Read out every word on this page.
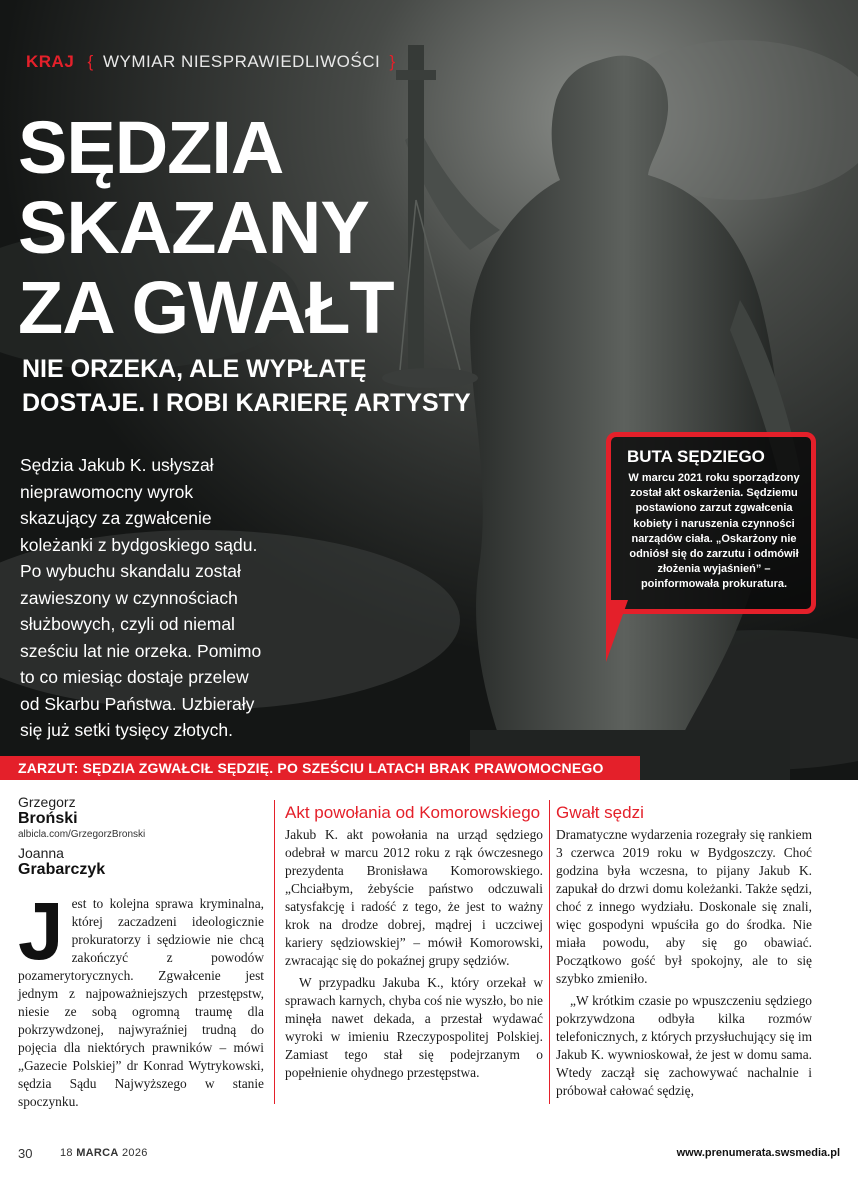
KRAJ { WYMIAR NIESPRAWIEDLIWOŚCI }
SĘDZIA
SKAZANY
ZA GWAŁT
NIE ORZEKA, ALE WYPŁATĘ
DOSTAJE. I ROBI KARIERĘ ARTYSTY

Sędzia Jakub K. usłyszał nieprawomocny wyrok skazujący za zgwałcenie koleżanki z bydgoskiego sądu. Po wybuchu skandalu został zawieszony w czynnościach służbowych, czyli od niemal sześciu lat nie orzeka. Pomimo to co miesiąc dostaje przelew od Skarbu Państwa. Uzbierały się już setki tysięcy złotych.

BUTA SĘDZIEGO
W marcu 2021 roku sporządzony został akt oskarżenia. Sędziemu postawiono zarzut zgwałcenia kobiety i naruszenia czynności narządów ciała. „Oskarżony nie odniósł się do zarzutu i odmówił złożenia wyjaśnień” – poinformowała prokuratura.
ZARZUT: SĘDZIA ZGWAŁCIŁ SĘDZIĘ. PO SZEŚCIU LATACH BRAK PRAWOMOCNEGO
Grzegorz
Broński
albicla.com/GrzegorzBronski
Joanna
Grabarczyk
J est to kolejna sprawa kryminalna, której zaczadzeni ideologicznie prokuratorzy i sędziowie nie chcą zakończyć z powodów pozamerytorycznych. Zgwałcenie jest jednym z najpoważniejszych przestępstw, niesie ze sobą ogromną traumę dla pokrzywdzonej, najwyraźniej trudną do pojęcia dla niektórych prawników – mówi „Gazecie Polskiej” dr Konrad Wytrykowski, sędzia Sądu Najwyższego w stanie spoczynku.

Akt powołania od Komorowskiego

Jakub K. akt powołania na urząd sędziego odebrał w marcu 2012 roku z rąk ówczesnego prezydenta Bronisława Komorowskiego. „Chciałbym, żebyście państwo odczuwali satysfakcję i radość z tego, że jest to ważny krok na drodze dobrej, mądrej i uczciwej kariery sędziowskiej” – mówił Komorowski, zwracając się do pokaźnej grupy sędziów.

W przypadku Jakuba K., który orzekał w sprawach karnych, chyba coś nie wyszło, bo nie minęła nawet dekada, a przestał wydawać wyroki w imieniu Rzeczypospolitej Polskiej. Zamiast tego stał się podejrzanym o popełnienie ohydnego przestępstwa.

Gwałt sędzi

Dramatyczne wydarzenia rozegrały się rankiem 3 czerwca 2019 roku w Bydgoszczy. Choć godzina była wczesna, to pijany Jakub K. zapukał do drzwi domu koleżanki. Także sędzi, choć z innego wydziału. Doskonale się znali, więc gospodyni wpuściła go do środka. Nie miała powodu, aby się go obawiać. Początkowo gość był spokojny, ale to się szybko zmieniło.

„W krótkim czasie po wpuszczeniu sędziego pokrzywdzona odbyła kilka rozmów telefonicznych, z których przysłuchujący się im Jakub K. wywnioskował, że jest w domu sama. Wtedy zaczął się zachowywać nachalnie i próbował całować sędzię,

30	18 MARCA 2026	www.prenumerata.swsmedia.pl
